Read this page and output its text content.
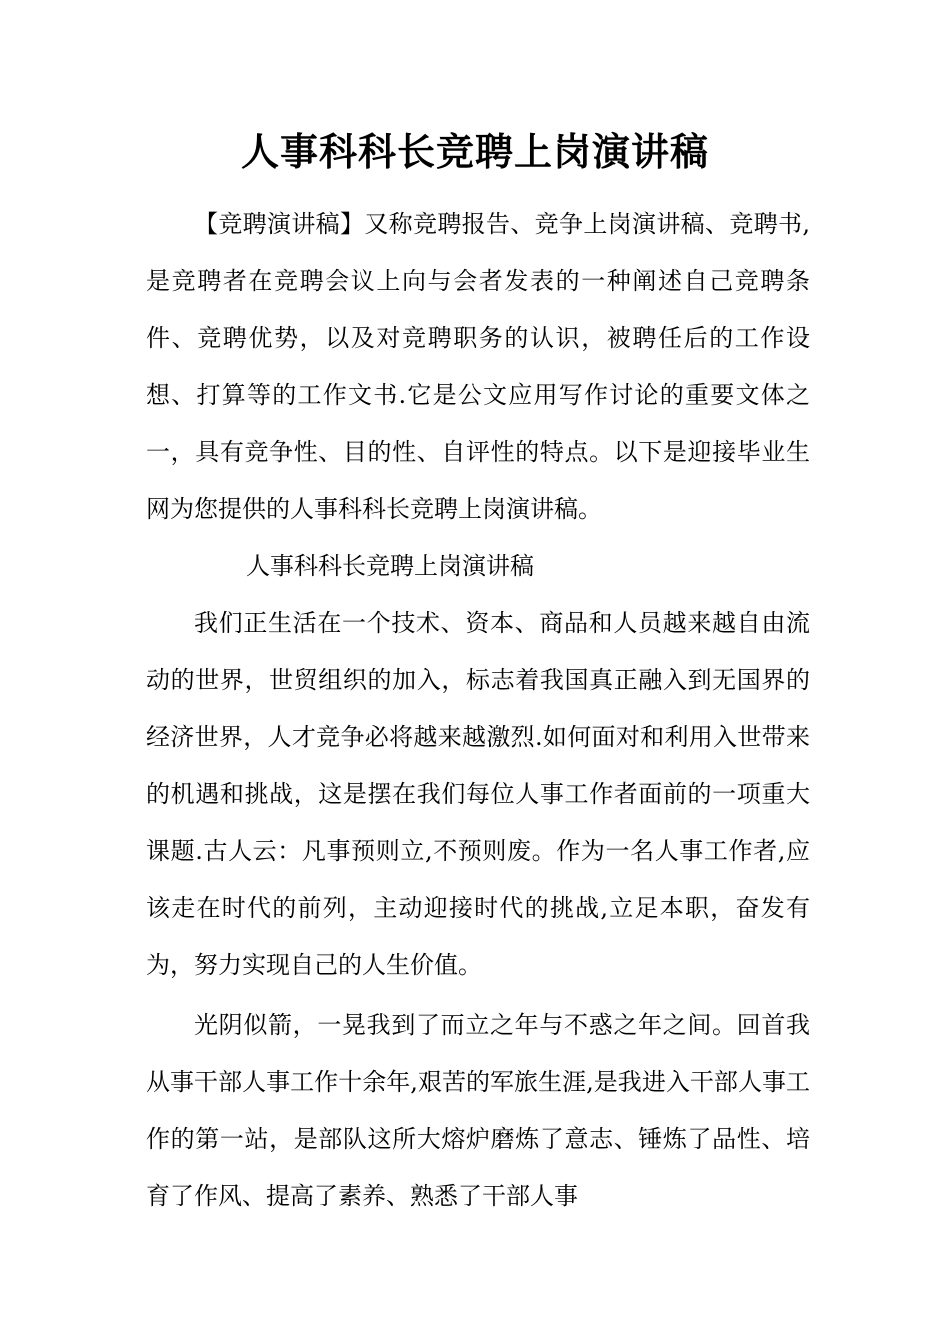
人事科科长竞聘上岗演讲稿

【竞聘演讲稿】又称竞聘报告、竞争上岗演讲稿、竞聘书,是竞聘者在竞聘会议上向与会者发表的一种阐述自己竞聘条件、竞聘优势，以及对竞聘职务的认识，被聘任后的工作设想、打算等的工作文书.它是公文应用写作讨论的重要文体之一，具有竞争性、目的性、自评性的特点。以下是迎接毕业生网为您提供的人事科科长竞聘上岗演讲稿。

人事科科长竞聘上岗演讲稿

我们正生活在一个技术、资本、商品和人员越来越自由流动的世界，世贸组织的加入，标志着我国真正融入到无国界的经济世界，人才竞争必将越来越激烈.如何面对和利用入世带来的机遇和挑战，这是摆在我们每位人事工作者面前的一项重大课题.古人云：凡事预则立,不预则废。作为一名人事工作者,应该走在时代的前列，主动迎接时代的挑战,立足本职，奋发有为，努力实现自己的人生价值。

光阴似箭，一晃我到了而立之年与不惑之年之间。回首我从事干部人事工作十余年,艰苦的军旅生涯,是我进入干部人事工作的第一站，是部队这所大熔炉磨炼了意志、锤炼了品性、培育了作风、提高了素养、熟悉了干部人事
